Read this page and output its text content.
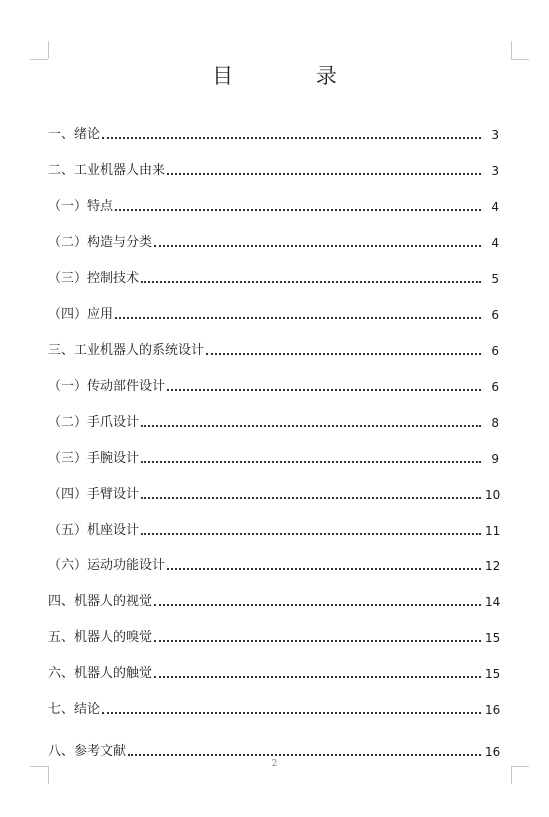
目 录
一、绪论	3
二、工业机器人由来	3
（一）特点	4
（二）构造与分类	4
（三）控制技术	5
（四）应用	6
三、工业机器人的系统设计	6
（一）传动部件设计	6
（二）手爪设计	8
（三）手腕设计	9
（四）手臂设计	10
（五）机座设计	11
（六）运动功能设计	12
四、机器人的视觉	14
五、机器人的嗅觉	15
六、机器人的触觉	15
七、结论	16
八、参考文献	16
2
